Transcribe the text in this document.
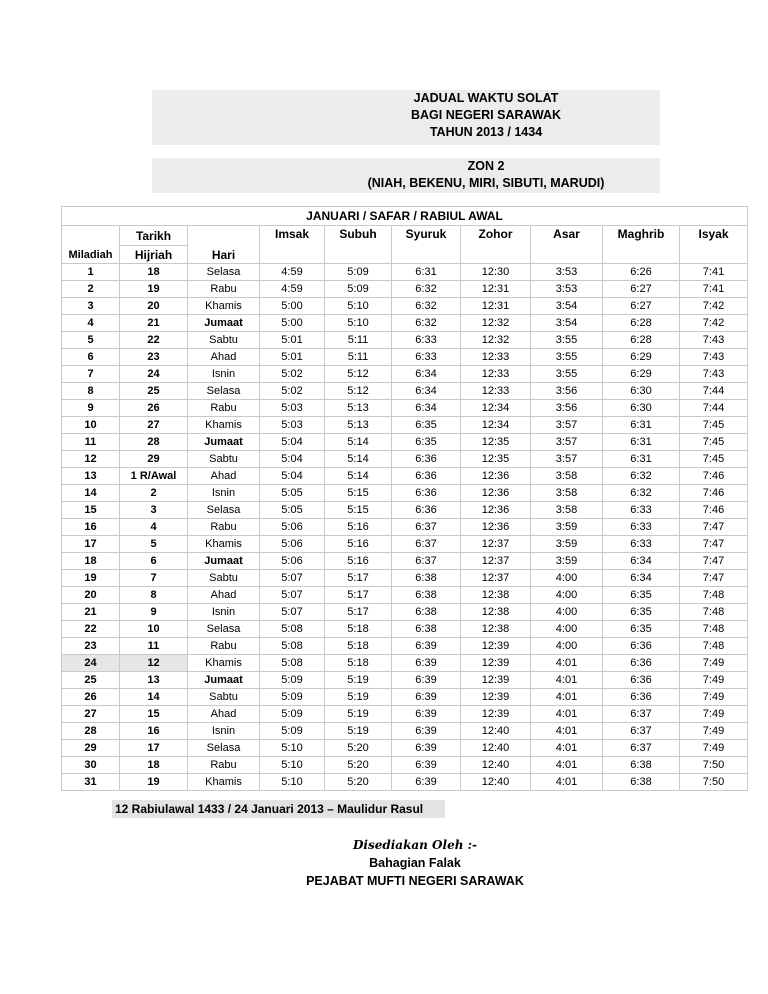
JADUAL WAKTU SOLAT
BAGI NEGERI SARAWAK
TAHUN 2013 / 1434
ZON 2
(NIAH, BEKENU, MIRI, SIBUTI, MARUDI)
JANUARI / SAFAR / RABIUL AWAL									
	Tarikh		Imsak	Subuh	Syuruk	Zohor	Asar	Maghrib	Isyak
Miladiah	Hijriah	Hari							
1	18	Selasa	4:59	5:09	6:31	12:30	3:53	6:26	7:41
2	19	Rabu	4:59	5:09	6:32	12:31	3:53	6:27	7:41
3	20	Khamis	5:00	5:10	6:32	12:31	3:54	6:27	7:42
4	21	Jumaat	5:00	5:10	6:32	12:32	3:54	6:28	7:42
5	22	Sabtu	5:01	5:11	6:33	12:32	3:55	6:28	7:43
6	23	Ahad	5:01	5:11	6:33	12:33	3:55	6:29	7:43
7	24	Isnin	5:02	5:12	6:34	12:33	3:55	6:29	7:43
8	25	Selasa	5:02	5:12	6:34	12:33	3:56	6:30	7:44
9	26	Rabu	5:03	5:13	6:34	12:34	3:56	6:30	7:44
10	27	Khamis	5:03	5:13	6:35	12:34	3:57	6:31	7:45
11	28	Jumaat	5:04	5:14	6:35	12:35	3:57	6:31	7:45
12	29	Sabtu	5:04	5:14	6:36	12:35	3:57	6:31	7:45
13	1 R/Awal	Ahad	5:04	5:14	6:36	12:36	3:58	6:32	7:46
14	2	Isnin	5:05	5:15	6:36	12:36	3:58	6:32	7:46
15	3	Selasa	5:05	5:15	6:36	12:36	3:58	6:33	7:46
16	4	Rabu	5:06	5:16	6:37	12:36	3:59	6:33	7:47
17	5	Khamis	5:06	5:16	6:37	12:37	3:59	6:33	7:47
18	6	Jumaat	5:06	5:16	6:37	12:37	3:59	6:34	7:47
19	7	Sabtu	5:07	5:17	6:38	12:37	4:00	6:34	7:47
20	8	Ahad	5:07	5:17	6:38	12:38	4:00	6:35	7:48
21	9	Isnin	5:07	5:17	6:38	12:38	4:00	6:35	7:48
22	10	Selasa	5:08	5:18	6:38	12:38	4:00	6:35	7:48
23	11	Rabu	5:08	5:18	6:39	12:39	4:00	6:36	7:48
24	12	Khamis	5:08	5:18	6:39	12:39	4:01	6:36	7:49
25	13	Jumaat	5:09	5:19	6:39	12:39	4:01	6:36	7:49
26	14	Sabtu	5:09	5:19	6:39	12:39	4:01	6:36	7:49
27	15	Ahad	5:09	5:19	6:39	12:39	4:01	6:37	7:49
28	16	Isnin	5:09	5:19	6:39	12:40	4:01	6:37	7:49
29	17	Selasa	5:10	5:20	6:39	12:40	4:01	6:37	7:49
30	18	Rabu	5:10	5:20	6:39	12:40	4:01	6:38	7:50
31	19	Khamis	5:10	5:20	6:39	12:40	4:01	6:38	7:50
12 Rabiulawal 1433 / 24 Januari 2013 – Maulidur Rasul
Disediakan Oleh :-
Bahagian Falak
PEJABAT MUFTI NEGERI SARAWAK
